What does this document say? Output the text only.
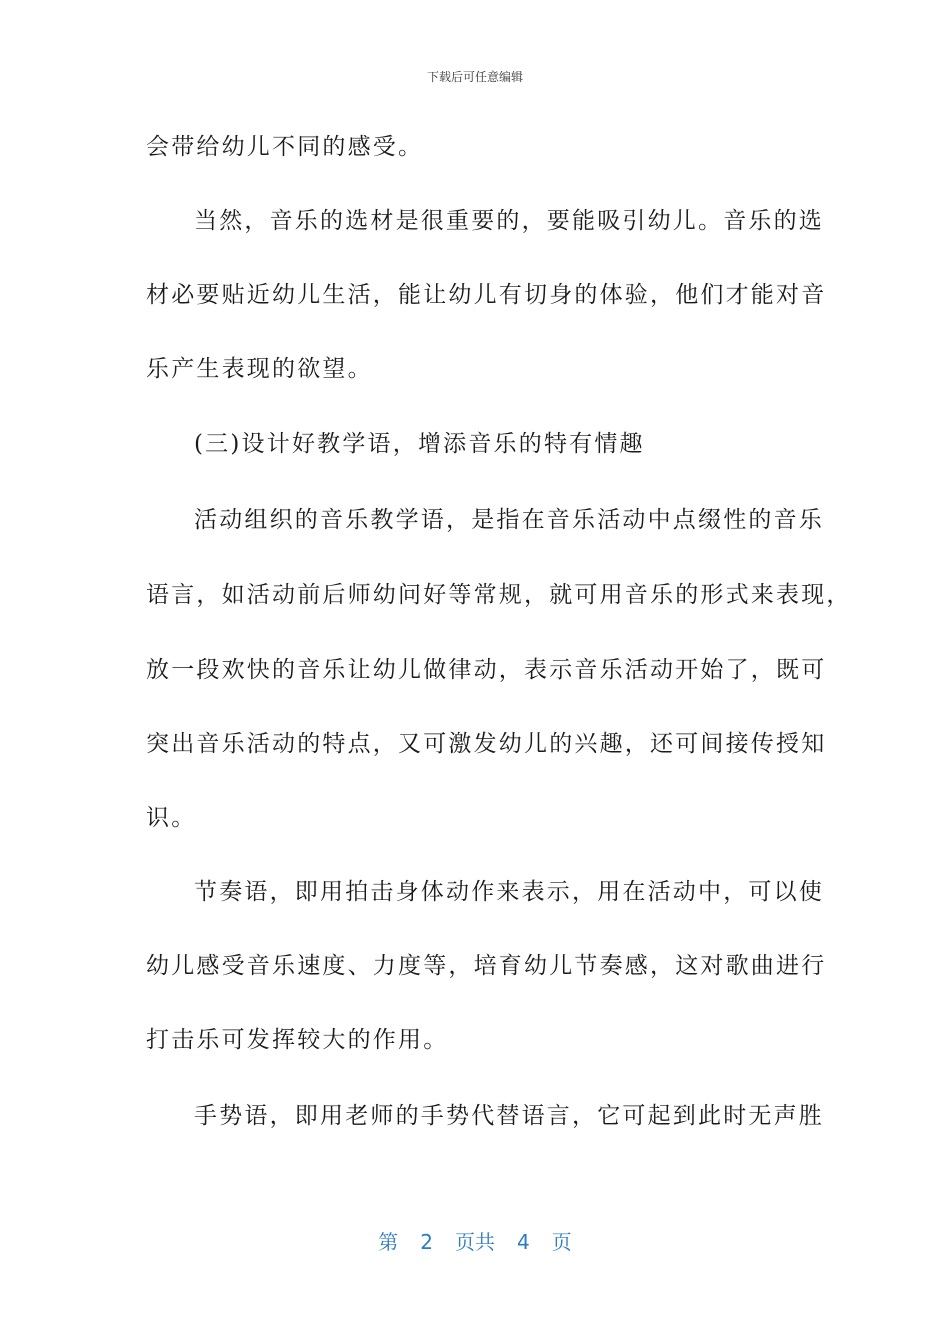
下载后可任意编辑
会带给幼儿不同的感受。
当然，音乐的选材是很重要的，要能吸引幼儿。音乐的选
材必要贴近幼儿生活，能让幼儿有切身的体验，他们才能对音
乐产生表现的欲望。
(三)设计好教学语，增添音乐的特有情趣
活动组织的音乐教学语，是指在音乐活动中点缀性的音乐
语言，如活动前后师幼问好等常规，就可用音乐的形式来表现，
放一段欢快的音乐让幼儿做律动，表示音乐活动开始了，既可
突出音乐活动的特点，又可激发幼儿的兴趣，还可间接传授知
识。
节奏语，即用拍击身体动作来表示，用在活动中，可以使
幼儿感受音乐速度、力度等，培育幼儿节奏感，这对歌曲进行
打击乐可发挥较大的作用。
手势语，即用老师的手势代替语言，它可起到此时无声胜
第 2 页共 4 页
